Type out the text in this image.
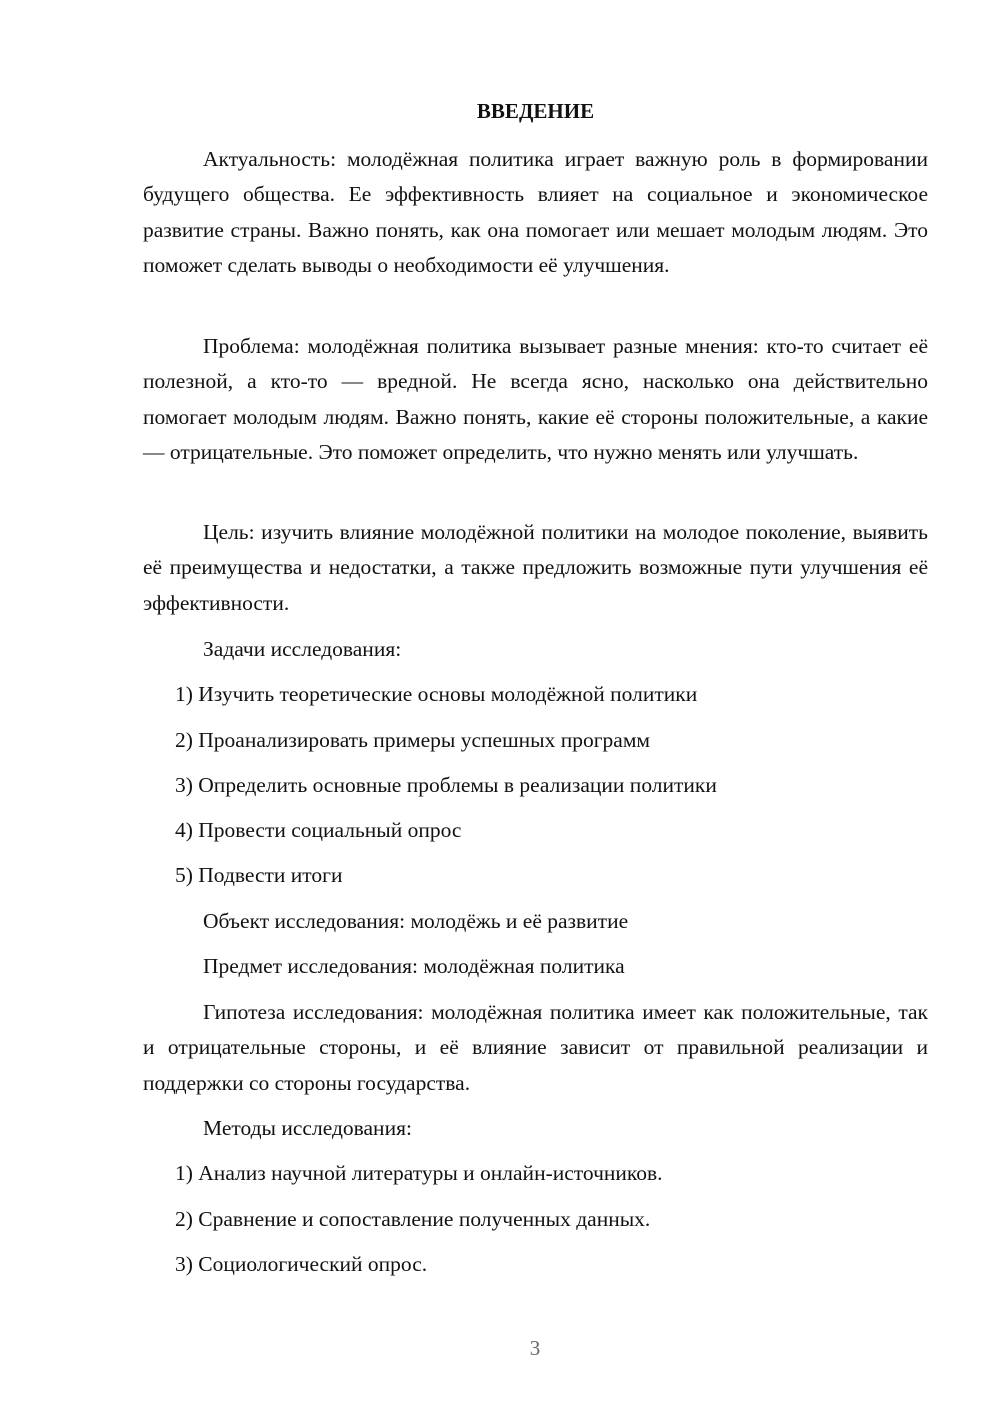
ВВЕДЕНИЕ

Актуальность: молодёжная политика играет важную роль в формировании будущего общества. Ее эффективность влияет на социальное и экономическое развитие страны. Важно понять, как она помогает или мешает молодым людям. Это поможет сделать выводы о необходимости её улучшения.

Проблема: молодёжная политика вызывает разные мнения: кто-то считает её полезной, а кто-то — вредной. Не всегда ясно, насколько она действительно помогает молодым людям. Важно понять, какие её стороны положительные, а какие — отрицательные. Это поможет определить, что нужно менять или улучшать.

Цель: изучить влияние молодёжной политики на молодое поколение, выявить её преимущества и недостатки, а также предложить возможные пути улучшения её эффективности.

Задачи исследования:
1) Изучить теоретические основы молодёжной политики
2) Проанализировать примеры успешных программ
3) Определить основные проблемы в реализации политики
4) Провести социальный опрос
5) Подвести итоги
Объект исследования: молодёжь и её развитие
Предмет исследования: молодёжная политика

Гипотеза исследования: молодёжная политика имеет как положительные, так и отрицательные стороны, и её влияние зависит от правильной реализации и поддержки со стороны государства.

Методы исследования:
1) Анализ научной литературы и онлайн-источников.
2) Сравнение и сопоставление полученных данных.
3) Социологический опрос.
3
